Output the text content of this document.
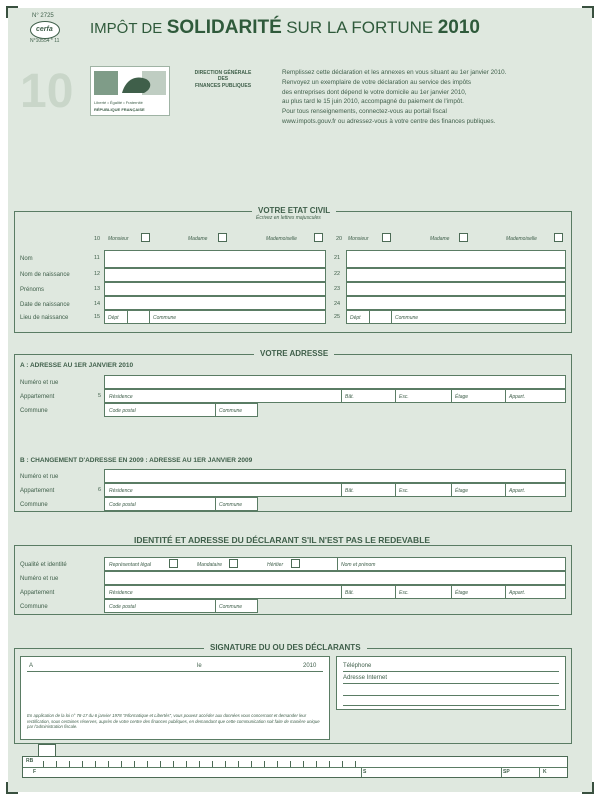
N° 2725
cerfa
N°10554 * 11
IMPÔT DE SOLIDARITÉ SUR LA FORTUNE 2010
10	Liberté • Égalité • Fraternité
RÉPUBLIQUE FRANÇAISE
DIRECTION GÉNÉRALE
DES
FINANCES PUBLIQUES
Remplissez cette déclaration et les annexes en vous situant au 1er janvier 2010.
Renvoyez un exemplaire de votre déclaration au service des impôts
des entreprises dont dépend le votre domicile au 1er janvier 2010,
au plus tard le 15 juin 2010, accompagné du paiement de l'impôt.
Pour tous renseignements, connectez-vous au portail fiscal
www.impots.gouv.fr ou adressez-vous à votre centre des finances publiques.
VOTRE ETAT CIVIL
Écrivez en lettres majuscules
10 Monsieur	Madame	Mademoiselle	20 Monsieur	Madame	Mademoiselle
Nom	11	21
Nom de naissance	12	22
Prénoms	13	23
Date de naissance	14	24
Lieu de naissance	15 Dépt	Commune	25 Dépt	Commune
VOTRE ADRESSE
A : ADRESSE AU 1ER JANVIER 2010
Numéro et rue
Appartement	5 Résidence	Bât.	Esc.	Étage	Appart.
Commune	Code postal	Commune
B : CHANGEMENT D'ADRESSE EN 2009 : ADRESSE AU 1ER JANVIER 2009
Numéro et rue
Appartement	6 Résidence	Bât.	Esc.	Étage	Appart.
Commune	Code postal	Commune
IDENTITÉ ET ADRESSE DU DÉCLARANT S'IL N'EST PAS LE REDEVABLE
Qualité et identité	Représentant légal	Mandataire	Héritier	Nom et prénom
Numéro et rue
Appartement	Résidence	Bât.	Esc.	Étage	Appart.
Commune	Code postal	Commune
SIGNATURE DU OU DES DÉCLARANTS
A	le	2010
En application de la loi n° 78-17 du 6 janvier 1978 "Informatique et Libertés", vous pouvez accéder aux données vous concernant et demander leur rectification, sous certaines réserves, auprès de votre centre des finances publiques, en demandant que cette communication soit faite de manière unique par l'administration fiscale.
Téléphone
Adresse Internet
RB
F	S	SP	K
